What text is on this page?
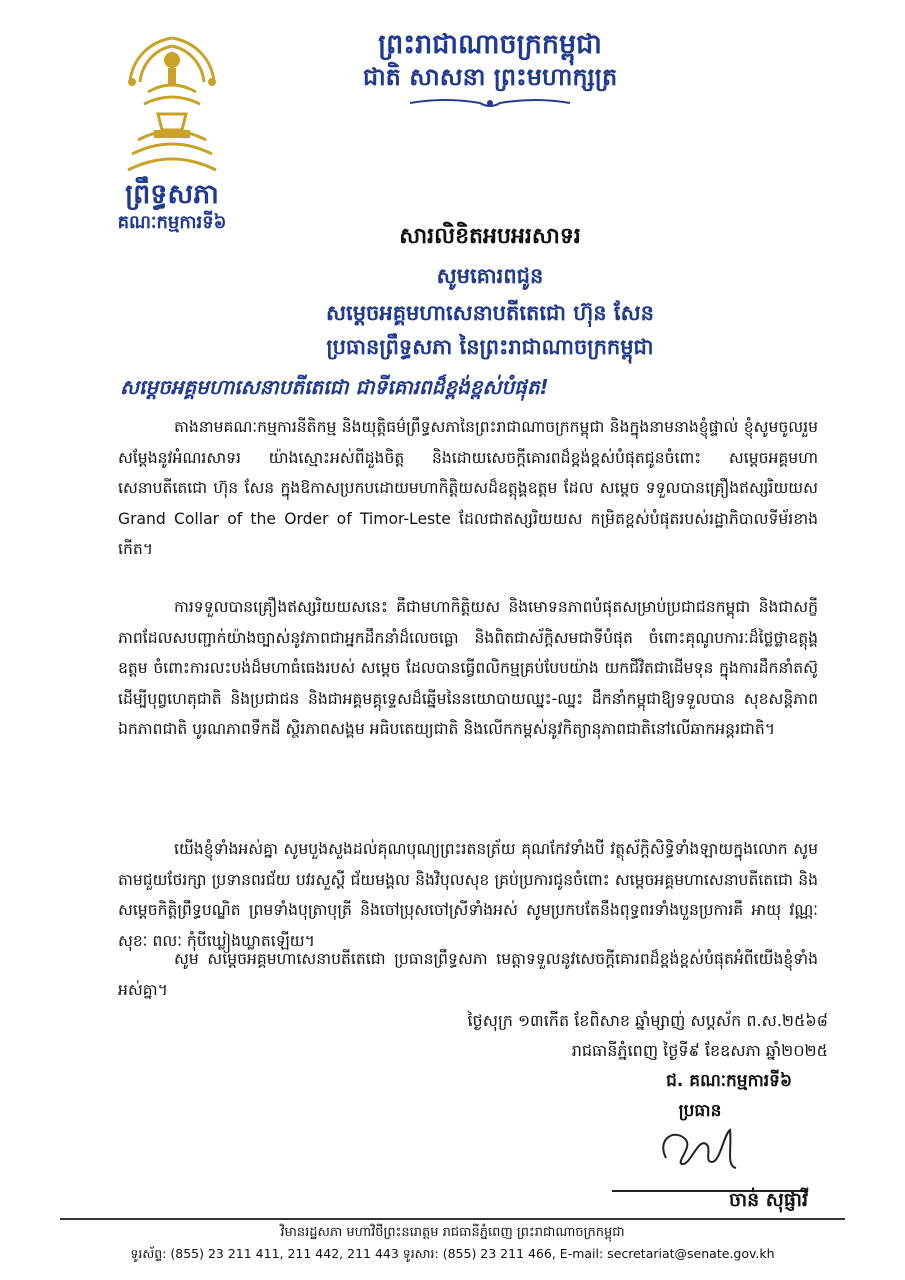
ព្រឹទ្ធសភា
គណៈកម្មការទី៦
ព្រះរាជាណាចក្រកម្ពុជា
ជាតិ សាសនា ព្រះមហាក្សត្រ
សារលិខិតអបអរសាទរ
សូមគោរពជូន
សម្តេចអគ្គមហាសេនាបតីតេជោ ហ៊ុន សែន
ប្រធានព្រឹទ្ធសភា នៃព្រះរាជាណាចក្រកម្ពុជា
សម្តេចអគ្គមហាសេនាបតីតេជោ ជាទីគោរពដ៏ខ្ពង់ខ្ពស់បំផុត!
តាងនាមគណៈកម្មការនីតិកម្ម និងយុត្តិធម៌ព្រឹទ្ធសភានៃព្រះរាជាណាចក្រកម្ពុជា និងក្នុងនាមនាងខ្ញុំផ្ទាល់ ខ្ញុំសូមចូលរួមសម្តែងនូវអំណរសាទរ យ៉ាងស្មោះអស់ពីដួងចិត្ត និងដោយសេចក្តីគោរពដ៏ខ្ពង់ខ្ពស់បំផុតជូនចំពោះ សម្តេចអគ្គមហាសេនាបតីតេជោ ហ៊ុន សែន ក្នុងឱកាសប្រកបដោយមហាកិត្តិយសដ៏ឧត្តុង្គឧត្តម ដែល សម្តេច ទទួលបានគ្រឿងឥស្សរិយយស Grand Collar of the Order of Timor-Leste ដែលជាឥស្សរិយយស កម្រិតខ្ពស់បំផុតរបស់រដ្ឋាភិបាលទីម័រខាងកើត។
ការទទួលបានគ្រឿងឥស្សរិយយសនេះ គឺជាមហាកិត្តិយស និងមោទនភាពបំផុតសម្រាប់ប្រជាជនកម្ពុជា និងជាសក្ខីភាពដែលសបញ្ជាក់យ៉ាងច្បាស់នូវភាពជាអ្នកដឹកនាំដ៏លេចធ្លោ និងពិតជាស័ក្តិសមជាទីបំផុត ចំពោះគុណូបការៈដ៏ថ្លៃថ្លាឧត្តុង្គឧត្តម ចំពោះការលះបង់ដ៏មហាធំធេងរបស់ សម្តេច ដែលបានធ្វើពលិកម្មគ្រប់បែបយ៉ាង យកជីវិតជាដើមទុន ក្នុងការដឹកនាំតស៊ូ ដើម្បីបុព្វហេតុជាតិ និងប្រជាជន និងជាអគ្គមគ្គុទ្ទេសដ៏ឆ្នើមនៃនយោបាយឈ្នះ-ឈ្នះ ដឹកនាំកម្ពុជាឱ្យទទួលបាន សុខសន្តិភាព ឯកភាពជាតិ បូរណភាពទឹកដី ស្ថិរភាពសង្គម អធិបតេយ្យជាតិ និងលើកកម្ពស់នូវកិត្យានុភាពជាតិនៅលើឆាកអន្តរជាតិ។
យើងខ្ញុំទាំងអស់គ្នា សូមបួងសួងដល់គុណបុណ្យព្រះរតនត្រ័យ គុណកែវទាំងបី វត្ថុស័ក្តិសិទ្ធិទាំងឡាយក្នុងលោក សូមតាមជួយថែរក្សា ប្រទានពរជ័យ បវរសួស្តី ជ័យមង្គល និងវិបុលសុខ គ្រប់ប្រការជូនចំពោះ សម្តេចអគ្គមហាសេនាបតីតេជោ និង សម្តេចកិត្តិព្រឹទ្ធបណ្ឌិត ព្រមទាំងបុត្រាបុត្រី និងចៅប្រុសចៅស្រីទាំងអស់ សូមប្រកបតែនឹងពុទ្ធពរទាំងបួនប្រការគឺ អាយុ វណ្ណៈ សុខៈ ពលៈ កុំបីឃ្លៀងឃ្លាតឡើយ។
សូម សម្តេចអគ្គមហាសេនាបតីតេជោ ប្រធានព្រឹទ្ធសភា មេត្តាទទួលនូវសេចក្តីគោរពដ៏ខ្ពង់ខ្ពស់បំផុតអំពីយើងខ្ញុំទាំងអស់គ្នា។
ថ្ងៃសុក្រ ១៣កើត ខែពិសាខ ឆ្នាំម្សាញ់ សប្តស័ក ព.ស.២៥៦៨
រាជធានីភ្នំពេញ ថ្ងៃទី៩ ខែឧសភា ឆ្នាំ២០២៥
ជ. គណៈកម្មការទី៦
ប្រធាន
ចាន់ សុផ្ញាវី
វិមានរដ្ឋសភា មហាវិថីព្រះនរោត្តម រាជធានីភ្នំពេញ ព្រះរាជាណាចក្រកម្ពុជា
ទូរស័ព្ទ: (855) 23 211 411, 211 442, 211 443 ទូរសារ: (855) 23 211 466, E-mail: secretariat@senate.gov.kh
